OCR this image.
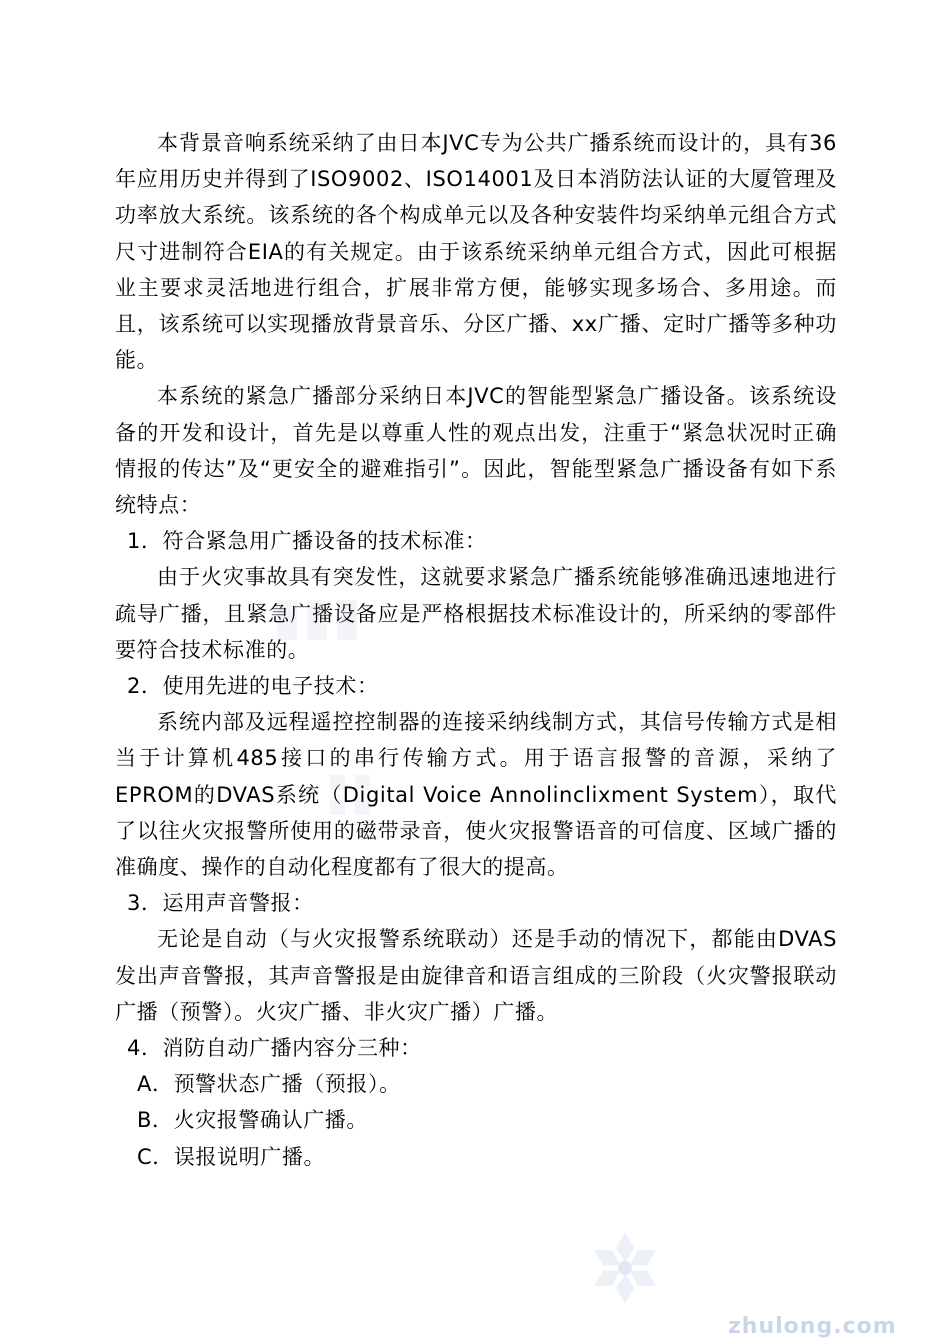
本背景音响系统采纳了由日本JVC专为公共广播系统而设计的，具有36年应用历史并得到了ISO9002、ISO14001及日本消防法认证的大厦管理及功率放大系统。该系统的各个构成单元以及各种安装件均采纳单元组合方式尺寸进制符合EIA的有关规定。由于该系统采纳单元组合方式，因此可根据业主要求灵活地进行组合，扩展非常方便，能够实现多场合、多用途。而且，该系统可以实现播放背景音乐、分区广播、xx广播、定时广播等多种功能。

本系统的紧急广播部分采纳日本JVC的智能型紧急广播设备。该系统设备的开发和设计，首先是以尊重人性的观点出发，注重于“紧急状况时正确情报的传达”及“更安全的避难指引”。因此，智能型紧急广播设备有如下系统特点：

1．符合紧急用广播设备的技术标准：

由于火灾事故具有突发性，这就要求紧急广播系统能够准确迅速地进行疏导广播，且紧急广播设备应是严格根据技术标准设计的，所采纳的零部件要符合技术标准的。

2．使用先进的电子技术：

系统内部及远程遥控控制器的连接采纳线制方式，其信号传输方式是相当于计算机485接口的串行传输方式。用于语言报警的音源，采纳了EPROM的DVAS系统（Digital Voice Annolinclixment System），取代了以往火灾报警所使用的磁带录音，使火灾报警语音的可信度、区域广播的准确度、操作的自动化程度都有了很大的提高。

3．运用声音警报：

无论是自动（与火灾报警系统联动）还是手动的情况下，都能由DVAS发出声音警报，其声音警报是由旋律音和语言组成的三阶段（火灾警报联动广播（预警）。火灾广播、非火灾广播）广播。

4．消防自动广播内容分三种：

A．预警状态广播（预报）。

B．火灾报警确认广播。

C．误报说明广播。

zhulong.com
